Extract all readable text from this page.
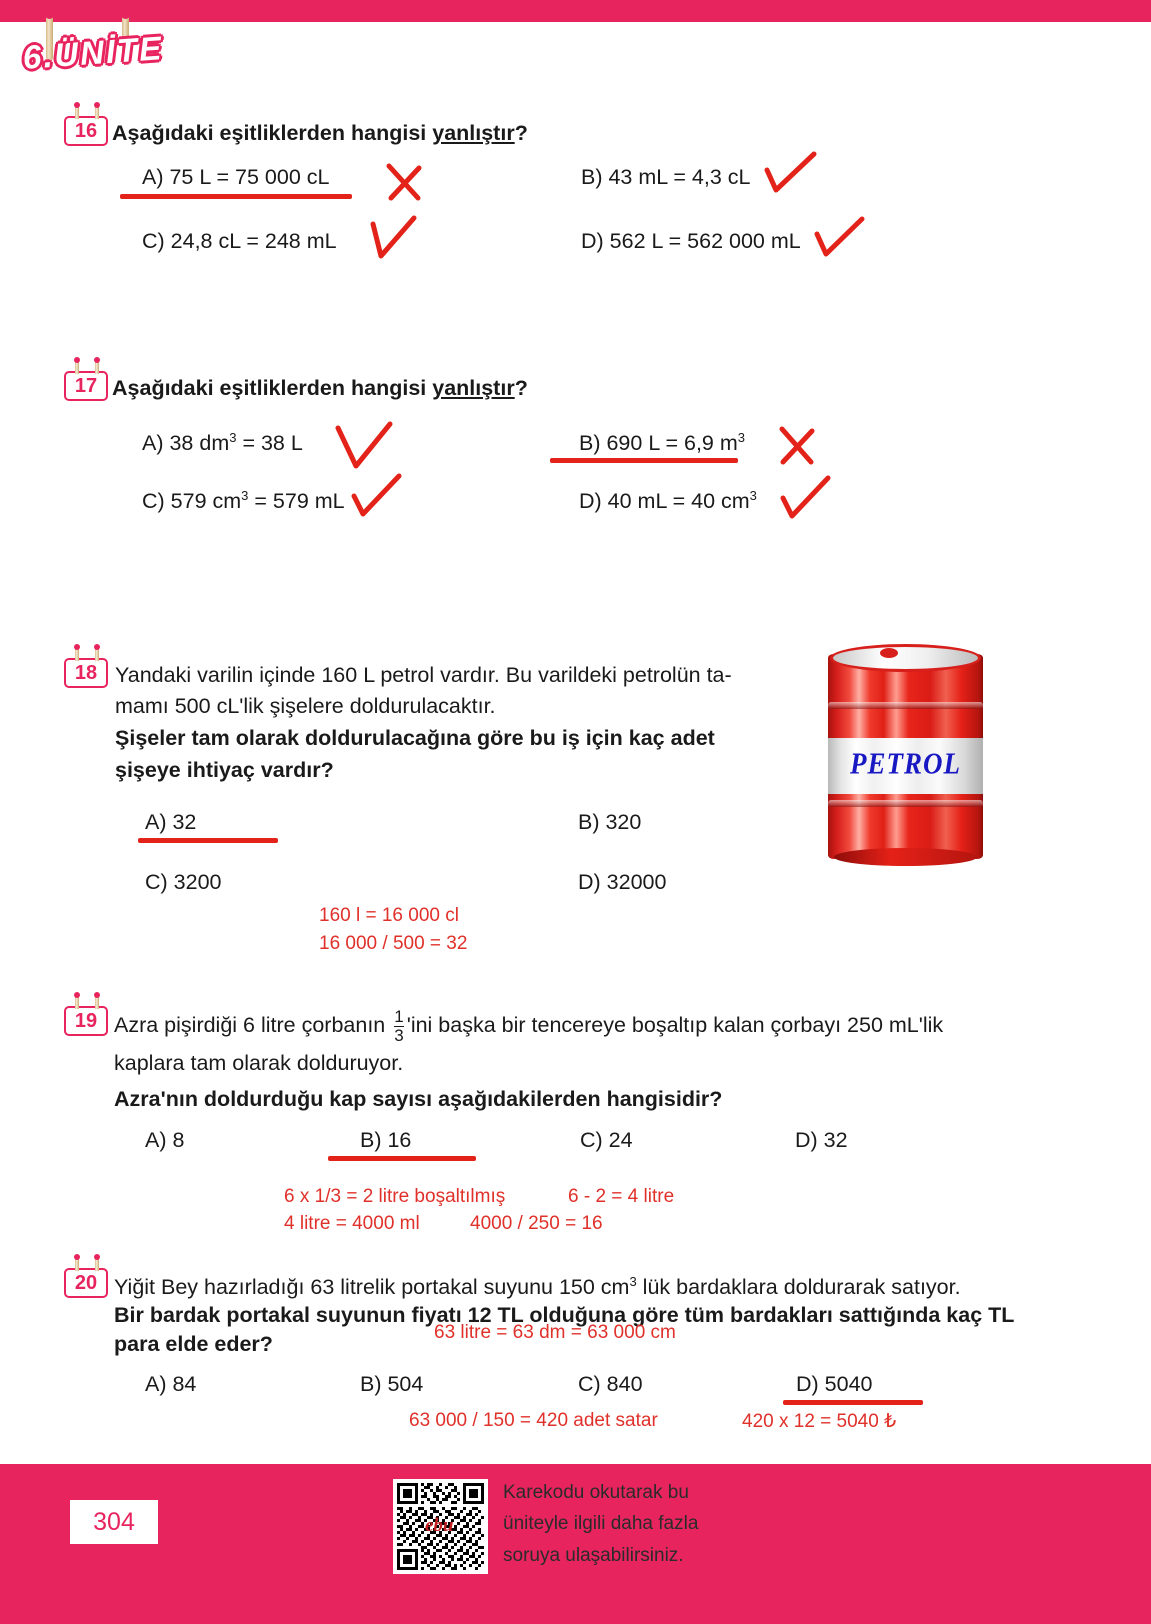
6.ÜNİTE
16 Aşağıdaki eşitliklerden hangisi yanlıştır?
A) 75 L = 75 000 cL	B) 43 mL = 4,3 cL
C) 24,8 cL = 248 mL	D) 562 L = 562 000 mL
17 Aşağıdaki eşitliklerden hangisi yanlıştır?
A) 38 $dm^3 = 38$ L	B) 690 L = 6,9 $m^3$
C) 579 $cm^3 = 579$ mL	D) 40 mL = 40 $cm^3$
18 Yandaki varilin içinde 160 L petrol vardır. Bu varildeki petrolün ta-
mamı 500 cL'lik şişelere doldurulacaktır.
Şişeler tam olarak doldurulacağına göre bu iş için kaç adet
şişeye ihtiyaç vardır?
A) 32	B) 320
C) 3200	D) 32000
160 l = 16 000 cl
16 000 / 500 = 32
PETROL
19 Azra pişirdiği 6 litre çorbanın $\frac{1}{3}$ 'ini başka bir tencereye boşaltıp kalan çorbayı 250 mL'lik
kaplara tam olarak dolduruyor.
Azra'nın doldurduğu kap sayısı aşağıdakilerden hangisidir?
A) 8	B) 16	C) 24	D) 32
6 x 1/3 = 2 litre boşaltılmış	6 - 2 = 4 litre
4 litre = 4000 ml	4000 / 250 = 16
20 Yiğit Bey hazırladığı 63 litrelik portakal suyunu 150 $cm^3$ lük bardaklara doldurarak satıyor.
Bir bardak portakal suyunun fiyatı 12 TL olduğuna göre tüm bardakları sattığında kaç TL
para elde eder?	63 litre = 63 dm = 63 000 cm
A) 84	B) 504	C) 840	D) 5040
63 000 / 150 = 420 adet satar	420 x 12 = 5040 ₺
304	ebu
Karekodu okutarak bu
üniteyle ilgili daha fazla
soruya ulaşabilirsiniz.
